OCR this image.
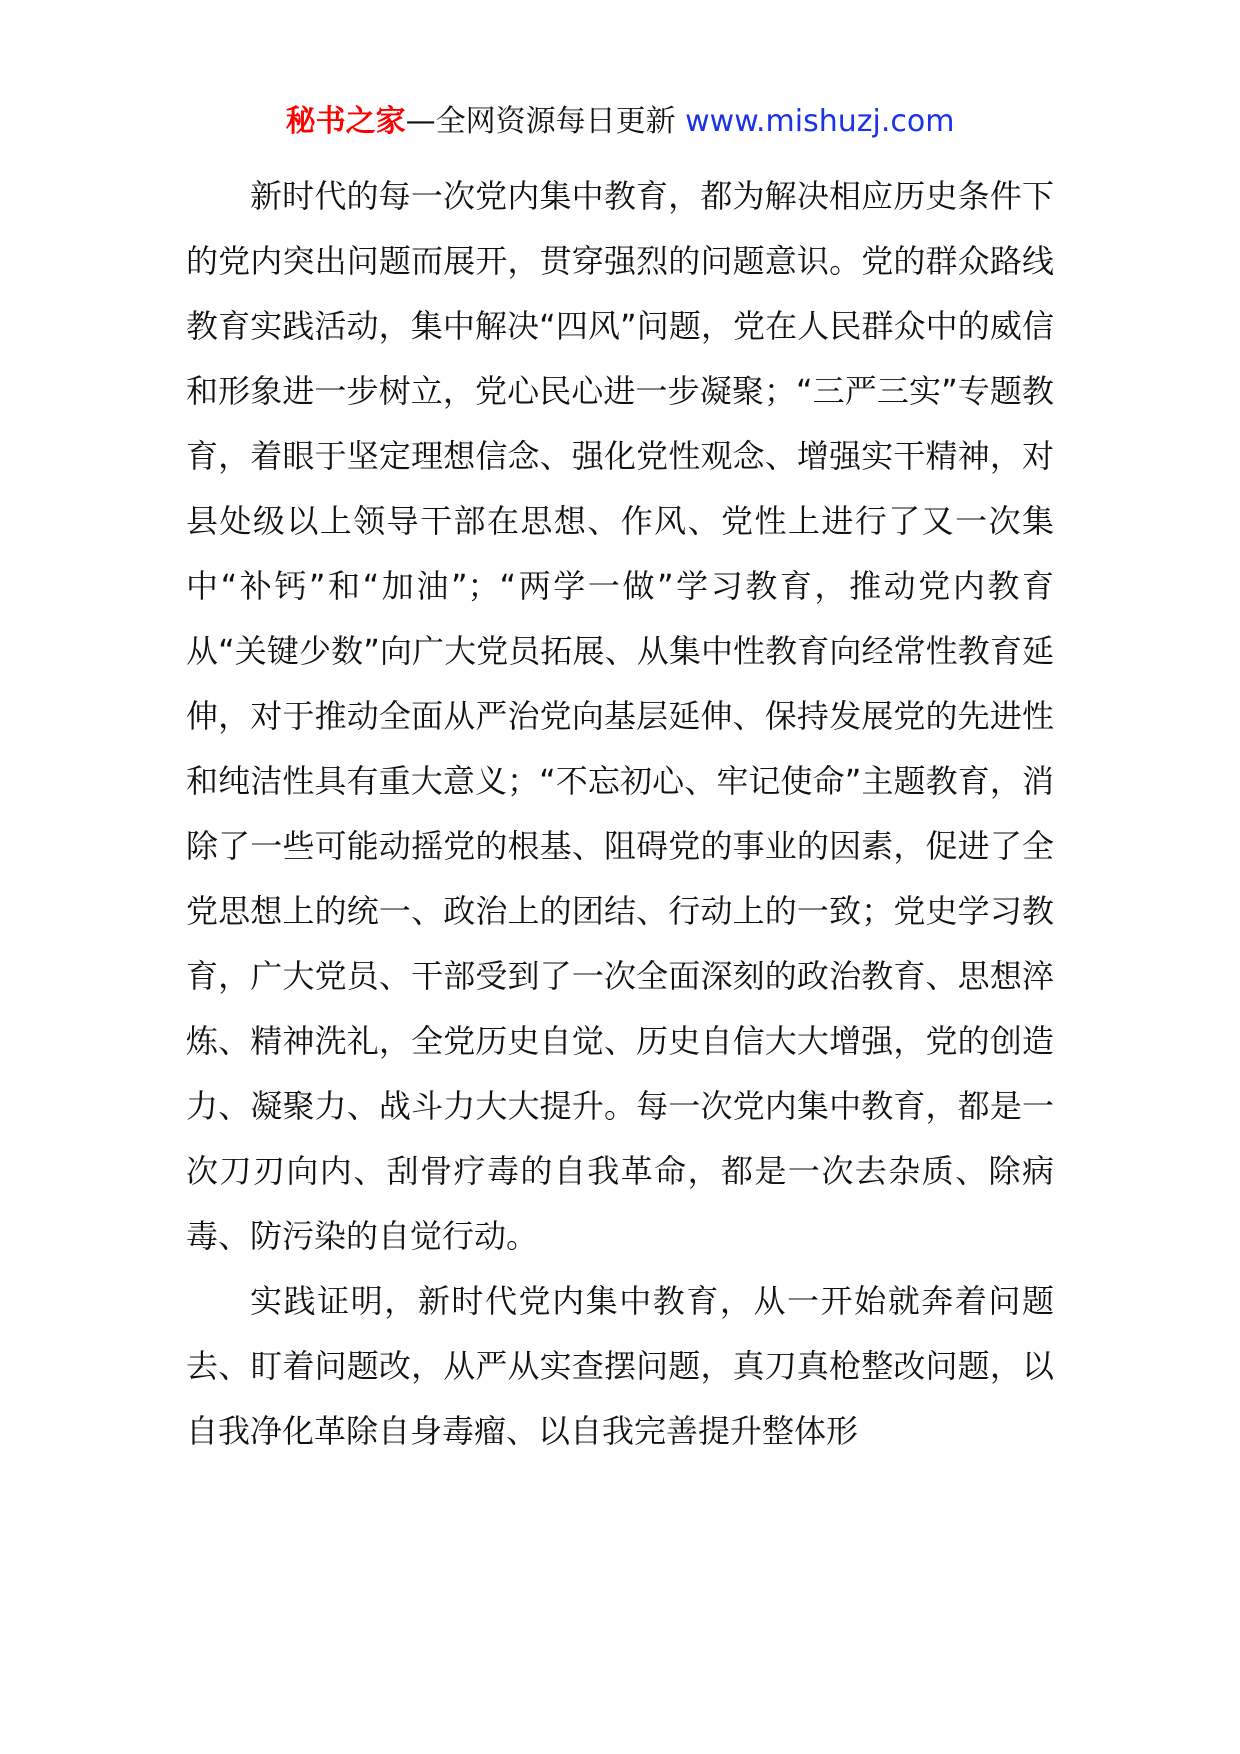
秘书之家—全网资源每日更新 www.mishuzj.com

新时代的每一次党内集中教育，都为解决相应历史条件下的党内突出问题而展开，贯穿强烈的问题意识。党的群众路线教育实践活动，集中解决“四风”问题，党在人民群众中的威信和形象进一步树立，党心民心进一步凝聚；“三严三实”专题教育，着眼于坚定理想信念、强化党性观念、增强实干精神，对县处级以上领导干部在思想、作风、党性上进行了又一次集中“补钙”和“加油”；“两学一做”学习教育，推动党内教育从“关键少数”向广大党员拓展、从集中性教育向经常性教育延伸，对于推动全面从严治党向基层延伸、保持发展党的先进性和纯洁性具有重大意义；“不忘初心、牢记使命”主题教育，消除了一些可能动摇党的根基、阻碍党的事业的因素，促进了全党思想上的统一、政治上的团结、行动上的一致；党史学习教育，广大党员、干部受到了一次全面深刻的政治教育、思想淬炼、精神洗礼，全党历史自觉、历史自信大大增强，党的创造力、凝聚力、战斗力大大提升。每一次党内集中教育，都是一次刀刃向内、刮骨疗毒的自我革命，都是一次去杂质、除病毒、防污染的自觉行动。

实践证明，新时代党内集中教育，从一开始就奔着问题去、盯着问题改，从严从实查摆问题，真刀真枪整改问题，以自我净化革除自身毒瘤、以自我完善提升整体形
